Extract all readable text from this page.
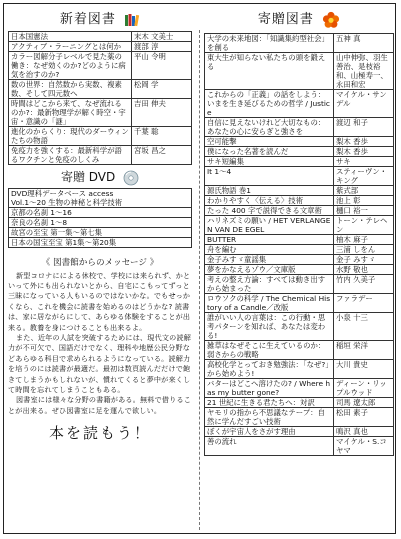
新着図書
日本国憲法	末木 文美士
アクティブ・ラーニングとは何か	渡部 淳
カラー図解分子レベルで見た薬の働き：なぜ効くのか?どのように病気を治すのか?	平山 令明
数の世界：自然数から実数、複素数、そして四元数へ	松岡 学
時間はどこから来て、なぜ流れるのか?：最新物理学が解く時空・宇宙・意識の「謎」	吉田 伸夫
進化のからくり：現代のダーウィンたちの物語	千葉 聡
免疫力を強くする：最新科学が語るワクチンと免疫のしくみ	宮坂 昌之
寄贈 DVD
DVD理科データベース access
Vol.1〜20 生物の神秘と科学技術
京都の名刹 1〜16
奈良の名刹 1〜8
故宮の至宝 第一集〜第七集
日本の国宝至宝 第1集〜第20集
《 図書館からのメッセージ 》

新型コロナにによる休校で、学校には来られず、かといって外にも出られないとから、自宅にこもってずっと三昧になっている人もいるのではないかな。でもせっかくなら、これを機会に読書を始めるのはどうかな? 読書は、家に居ながらにして、あらゆる体験をすることが出来る。教養を身につけることも出来るよ。

また、近年の人試を突破するためには、現代文の読解力が不可欠で、国語だけでなく、理科や地歴公民分野などあらゆる科目で求められるようになっている。読解力を培うのには読書が最適だ。最初は数頁読んだだけで飽きてしまうかもしれないが、慣れてくると夢中が来くして時間を忘れてしまうこともある。

図書室には様々な分野の書籍がある。無料で借りることが出来る。ぜひ図書室に足を運んで欲しい。

本を読もう！
寄贈図書
大学の未来地図：「知識集約型社会」を創る	五神 真
東大生が知らない私たちの頭を鍛える	山中伸弥、羽生善治、是枝裕和、山極寿一、永田和宏
これからの「正義」の話をしよう：いまを生き延びるための哲学 / Justice	マイケル・サンデル
自信に見えないけれど大切なもの：あなたの心に安らぎと強さを	渡辺 和子
空可能撃	梨木 香歩
僕になった名著を読んだ	梨木 香歩
サキ短編集	サキ
It 1〜4	スティーヴン・キング
源氏物語 巻1	紫式部
わかりやすく〈伝える〉技術	池上 彰
たった 400 字で説得できる文章術	樋口 裕一
ハリネズミの願い / HET VERLANGEN VAN DE EGEL	トーン・テレヘン
BUTTER	柚木 麻子
舟を編む	三浦 しをん
金子みすゞ童謡集	金子 みすゞ
夢をかなえるゾウ／文庫版	水野 敬也
考えの整え方論：すべては動き出すから始まった	竹内 久美子
ロウソクの科学 / The Chemical History of a Candle／改版	ファラデー
誰がいい人の言葉は：この行動・思考パターンを知れば、あなたは変わる!	小泉 十三
雑草はなぜそこに生えているのか：弱さからの戦略	稲垣 栄洋
高校化学とっておき勉強法：「なぜ?」から始めよう!	大川 貴史
バターはどこへ溶けたの? / Where has my butter gone?	ディーン・リップルウッド
21 世紀に生きる君たちへ：対訳	司馬 遼太郎
ヤモリの指から不思議なテープ：自然に学んだすごい技術	松田 素子
ぼくが宇宙人をさがす理由	鳴沢 真也
善の流れ	マイケル・S.コヤマ
